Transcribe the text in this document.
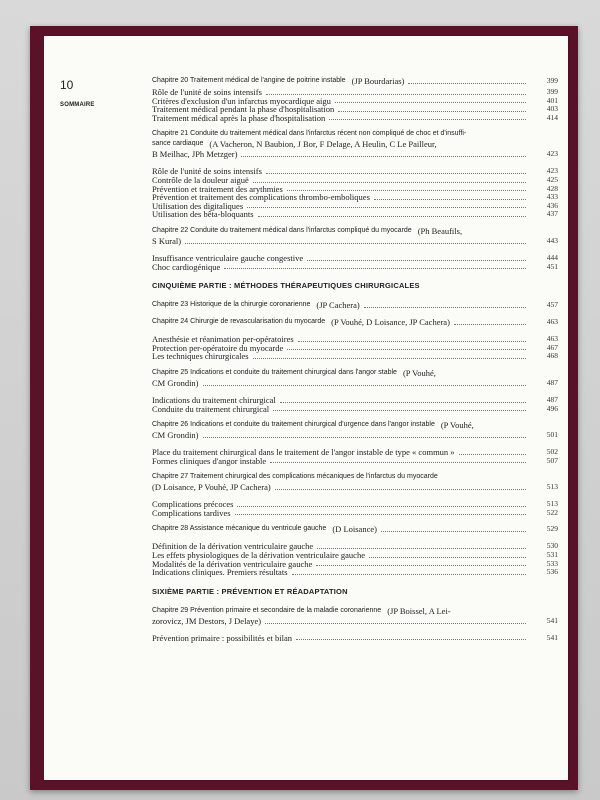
10
SOMMAIRE
Chapitre 20 Traitement médical de l'angine de poitrine instable (JP Bourdarias)	399
Rôle de l'unité de soins intensifs	399
Critères d'exclusion d'un infarctus myocardique aigu	401
Traitement médical pendant la phase d'hospitalisation	403
Traitement médical après la phase d'hospitalisation	414
Chapitre 21 Conduite du traitement médical dans l'infarctus récent non compliqué de choc et d'insuffi-
sance cardiaque (A Vacheron, N Baubion, J Bor, F Delage, A Heulin, C Le Pailleur,
B Meilhac, JPh Metzger)	423
Rôle de l'unité de soins intensifs	423
Contrôle de la douleur aiguë	425
Prévention et traitement des arythmies	428
Prévention et traitement des complications thrombo-emboliques	433
Utilisation des digitaliques	436
Utilisation des bêta-bloquants	437
Chapitre 22 Conduite du traitement médical dans l'infarctus compliqué du myocarde (Ph Beaufils,
S Kural)	443
Insuffisance ventriculaire gauche congestive	444
Choc cardiogénique	451
CINQUIÈME PARTIE : MÉTHODES THÉRAPEUTIQUES CHIRURGICALES
Chapitre 23 Historique de la chirurgie coronarienne (JP Cachera)	457
Chapitre 24 Chirurgie de revascularisation du myocarde (P Vouhé, D Loisance, JP Cachera)	463
Anesthésie et réanimation per-opératoires	463
Protection per-opératoire du myocarde	467
Les techniques chirurgicales	468
Chapitre 25 Indications et conduite du traitement chirurgical dans l'angor stable (P Vouhé,
CM Grondin)	487
Indications du traitement chirurgical	487
Conduite du traitement chirurgical	496
Chapitre 26 Indications et conduite du traitement chirurgical d'urgence dans l'angor instable (P Vouhé,
CM Grondin)	501
Place du traitement chirurgical dans le traitement de l'angor instable de type « commun »	502
Formes cliniques d'angor instable	507
Chapitre 27 Traitement chirurgical des complications mécaniques de l'infarctus du myocarde
(D Loisance, P Vouhé, JP Cachera)	513
Complications précoces	513
Complications tardives	522
Chapitre 28 Assistance mécanique du ventricule gauche (D Loisance)	529
Définition de la dérivation ventriculaire gauche	530
Les effets physiologiques de la dérivation ventriculaire gauche	531
Modalités de la dérivation ventriculaire gauche	533
Indications cliniques. Premiers résultats	536
SIXIÈME PARTIE : PRÉVENTION ET RÉADAPTATION
Chapitre 29 Prévention primaire et secondaire de la maladie coronarienne (JP Boissel, A Lei-
zorovicz, JM Destors, J Delaye)	541
Prévention primaire : possibilités et bilan	541
